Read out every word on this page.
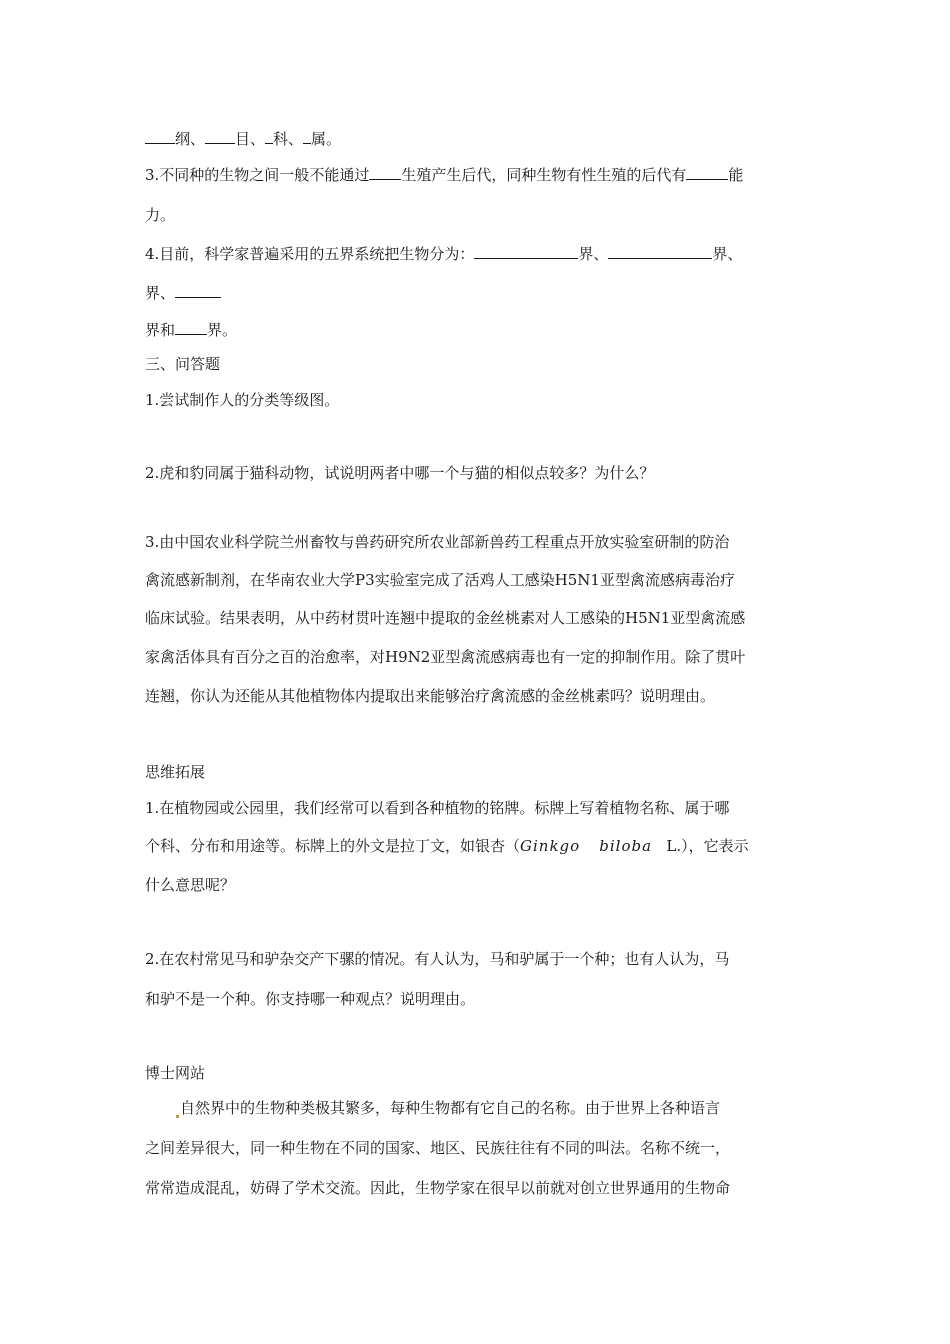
纲、 目、 科、 属。
3.不同种的生物之间一般不能通过 生殖产生后代，同种生物有性生殖的后代有	能
力。
4.目前，科学家普遍采用的五界系统把生物分为：	界、	界、
界、
界和 界。
三、问答题
1.尝试制作人的分类等级图。
2.虎和豹同属于猫科动物，试说明两者中哪一个与猫的相似点较多？为什么？
3.由中国农业科学院兰州畜牧与兽药研究所农业部新兽药工程重点开放实验室研制的防治
禽流感新制剂，在华南农业大学P3实验室完成了活鸡人工感染H5N1亚型禽流感病毒治疗
临床试验。结果表明，从中药材贯叶连翘中提取的金丝桃素对人工感染的H5N1亚型禽流感
家禽活体具有百分之百的治愈率，对H9N2亚型禽流感病毒也有一定的抑制作用。除了贯叶
连翘，你认为还能从其他植物体内提取出来能够治疗禽流感的金丝桃素吗？说明理由。
思维拓展
1.在植物园或公园里，我们经常可以看到各种植物的铭牌。标牌上写着植物名称、属于哪
个科、分布和用途等。标牌上的外文是拉丁文，如银杏（Ginkgo biloba L.），它表示
什么意思呢？
2.在农村常见马和驴杂交产下骡的情况。有人认为，马和驴属于一个种；也有人认为，马
和驴不是一个种。你支持哪一种观点？说明理由。
博士网站
自然界中的生物种类极其繁多，每种生物都有它自己的名称。由于世界上各种语言
之间差异很大，同一种生物在不同的国家、地区、民族往往有不同的叫法。名称不统一，
常常造成混乱，妨碍了学术交流。因此，生物学家在很早以前就对创立世界通用的生物命
